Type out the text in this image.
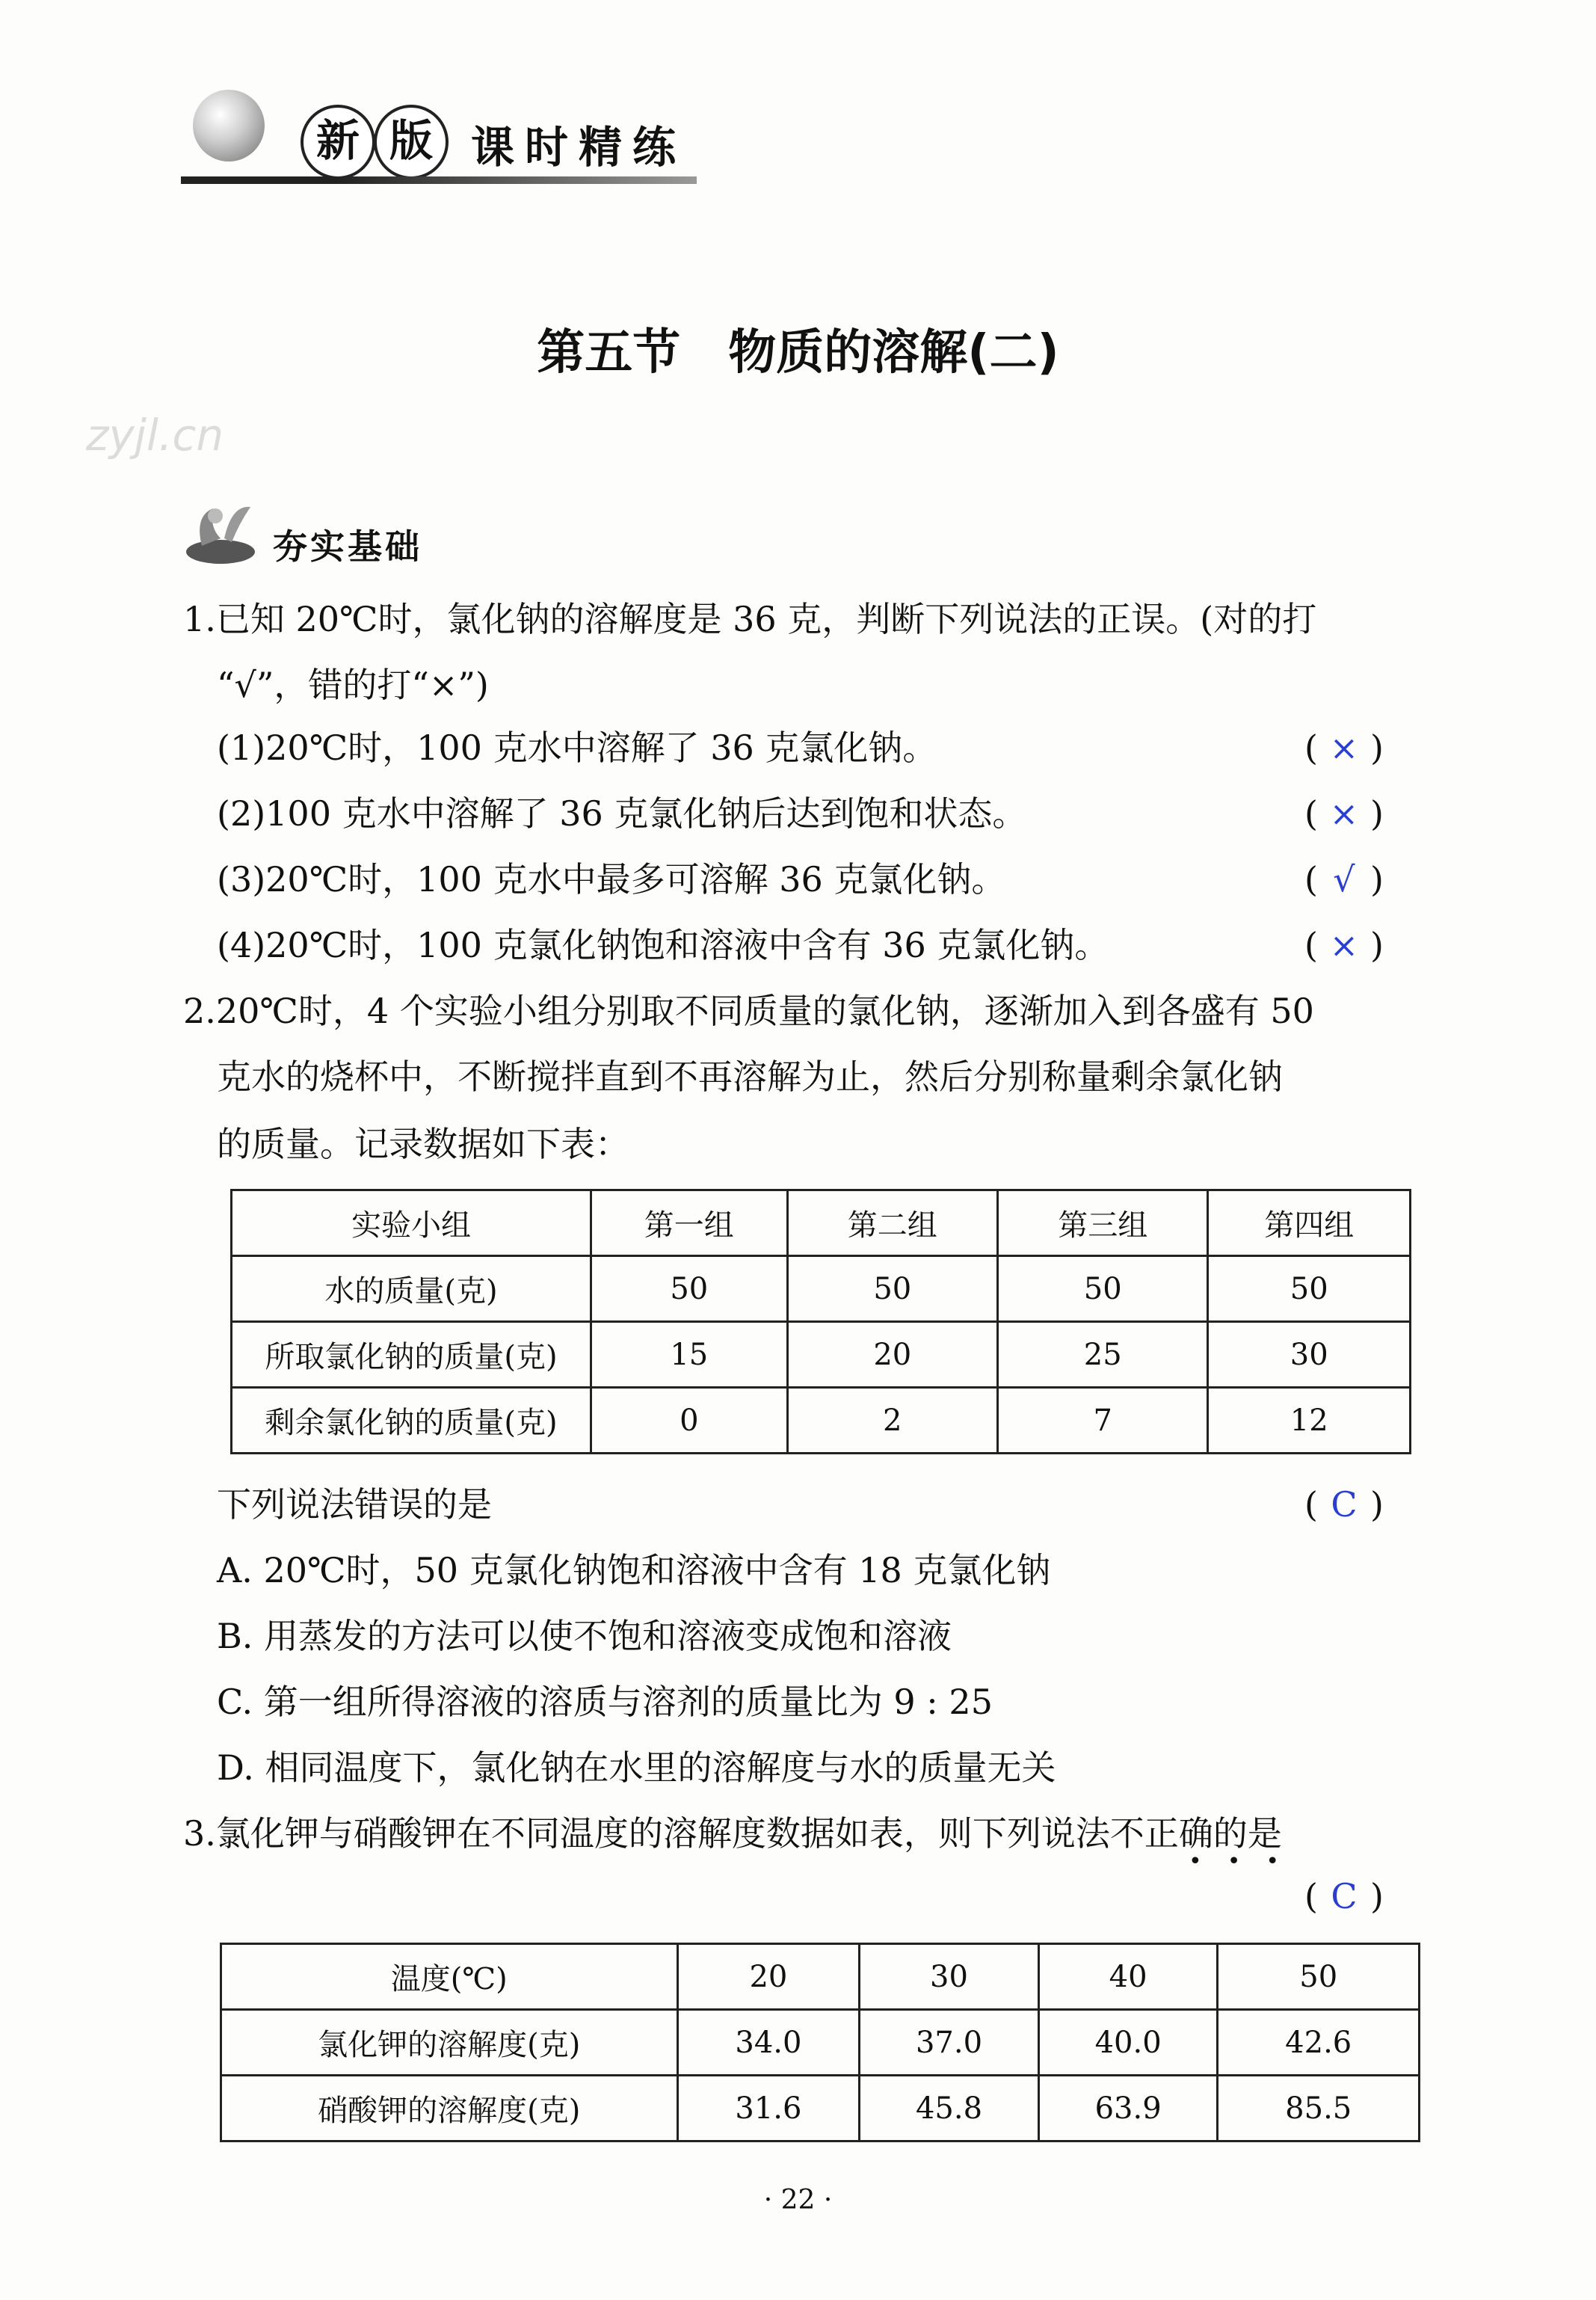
新 版 课时精练
zyjl.cn
第五节　物质的溶解(二)
夯实基础
1.已知 20℃时，氯化钠的溶解度是 36 克，判断下列说法的正误。(对的打
“√”，错的打“×”)
(1)20℃时，100 克水中溶解了 36 克氯化钠。	( × )
(2)100 克水中溶解了 36 克氯化钠后达到饱和状态。	( × )
(3)20℃时，100 克水中最多可溶解 36 克氯化钠。	( √ )
(4)20℃时，100 克氯化钠饱和溶液中含有 36 克氯化钠。	( × )
2.20℃时，4 个实验小组分别取不同质量的氯化钠，逐渐加入到各盛有 50
克水的烧杯中，不断搅拌直到不再溶解为止，然后分别称量剩余氯化钠
的质量。记录数据如下表：
实验小组	第一组	第二组	第三组	第四组
水的质量(克)	50	50	50	50
所取氯化钠的质量(克)	15	20	25	30
剩余氯化钠的质量(克)	0	2	7	12
下列说法错误的是	( C )
A. 20℃时，50 克氯化钠饱和溶液中含有 18 克氯化钠
B. 用蒸发的方法可以使不饱和溶液变成饱和溶液
C. 第一组所得溶液的溶质与溶剂的质量比为 9 : 25
D. 相同温度下，氯化钠在水里的溶解度与水的质量无关
3.氯化钾与硝酸钾在不同温度的溶解度数据如表，则下列说法不正确的是
•••
( C )
温度(℃)	20	30	40	50
氯化钾的溶解度(克)	34.0	37.0	40.0	42.6
硝酸钾的溶解度(克)	31.6	45.8	63.9	85.5
· 22 ·
